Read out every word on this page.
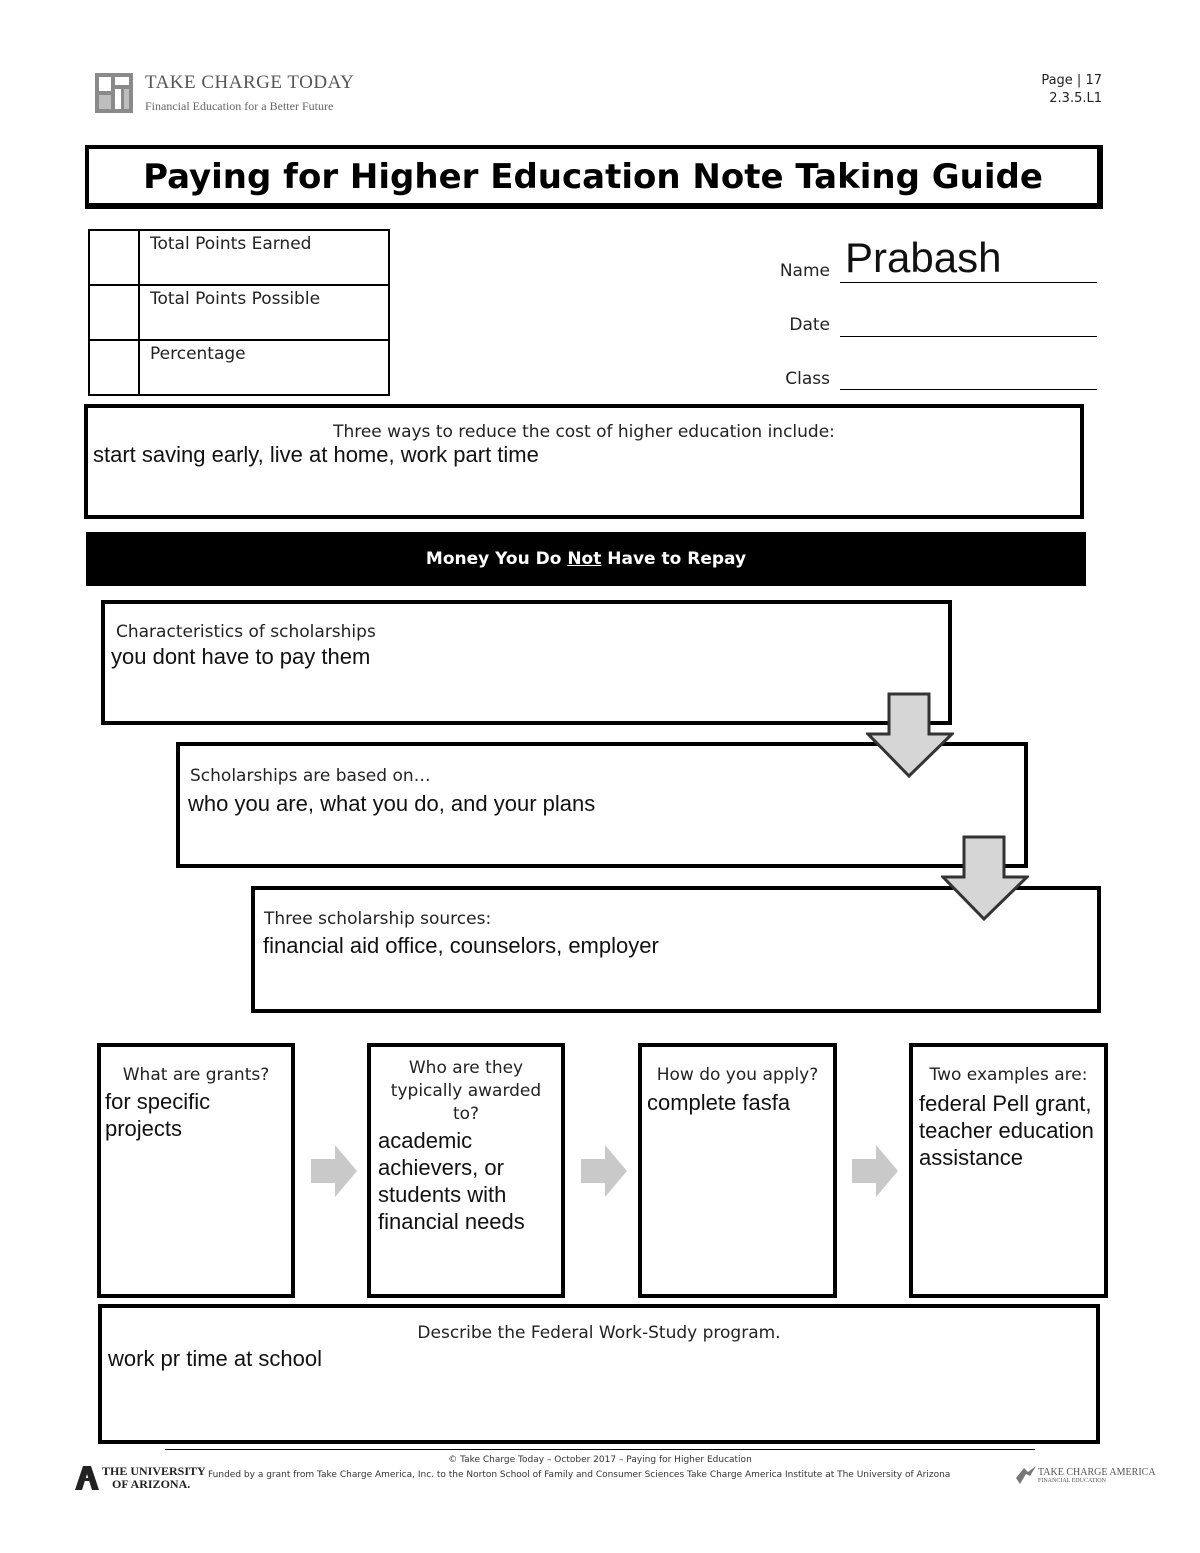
TAKE CHARGE TODAY
Financial Education for a Better Future
Page | 17
2.3.5.L1
Paying for Higher Education Note Taking Guide
	Total Points Earned
	Total Points Possible
	Percentage
Name Prabash
Date
Class
Three ways to reduce the cost of higher education include:
start saving early, live at home, work part time
Money You Do Not Have to Repay
Characteristics of scholarships
you dont have to pay them
Scholarships are based on…
who you are, what you do, and your plans
Three scholarship sources:
financial aid office, counselors, employer
What are grants?
for specific projects
Who are they typically awarded to?
academic achievers, or students with financial needs
How do you apply?
complete fasfa
Two examples are:
federal Pell grant, teacher education assistance
Describe the Federal Work-Study program.
work pr time at school
© Take Charge Today – October 2017 – Paying for Higher Education
THE UNIVERSITY
OF ARIZONA.
Funded by a grant from Take Charge America, Inc. to the Norton School of Family and Consumer Sciences Take Charge America Institute at The University of Arizona	TAKE CHARGE AMERICA
FINANCIAL EDUCATION
